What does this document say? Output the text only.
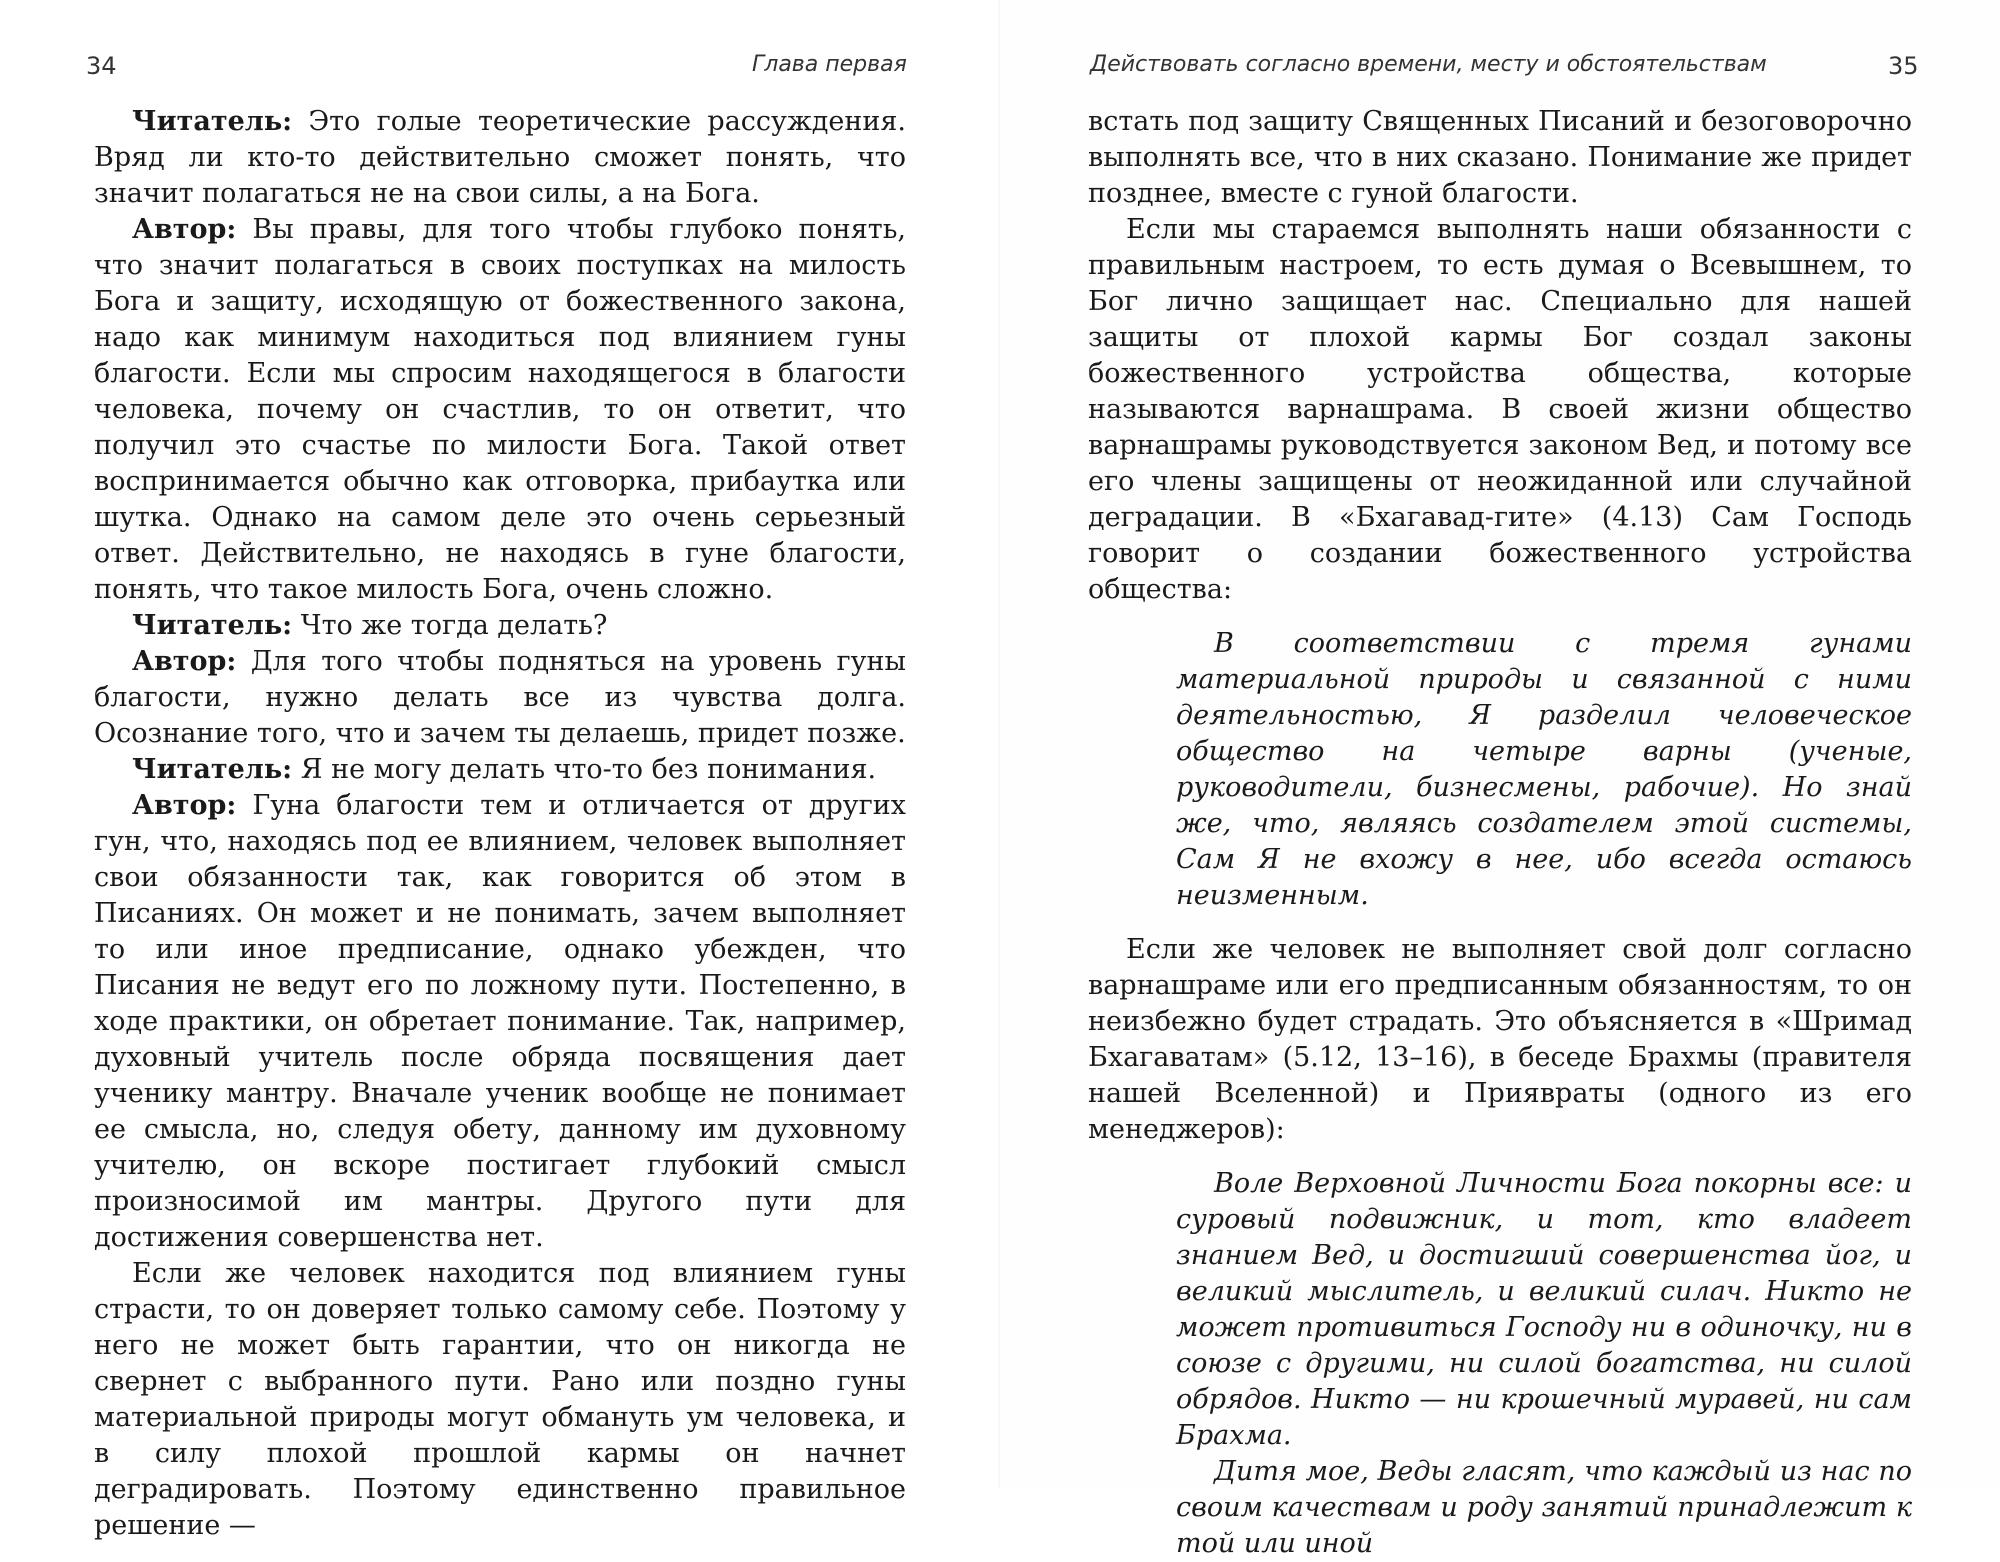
34	Глава первая

Читатель: Это голые теоретические рассуждения. Вряд ли кто-то действительно сможет понять, что значит полагаться не на свои силы, а на Бога.

Автор: Вы правы, для того чтобы глубоко понять, что значит полагаться в своих поступках на милость Бога и защиту, исходящую от божественного закона, надо как минимум находиться под влиянием гуны благости. Если мы спросим находящегося в благости человека, почему он счастлив, то он ответит, что получил это счастье по милости Бога. Такой ответ воспринимается обычно как отговорка, прибаутка или шутка. Однако на самом деле это очень серьезный ответ. Действительно, не находясь в гуне благости, понять, что такое милость Бога, очень сложно.

Читатель: Что же тогда делать?

Автор: Для того чтобы подняться на уровень гуны благости, нужно делать все из чувства долга. Осознание того, что и зачем ты делаешь, придет позже.

Читатель: Я не могу делать что-то без понимания.

Автор: Гуна благости тем и отличается от других гун, что, находясь под ее влиянием, человек выполняет свои обязанности так, как говорится об этом в Писаниях. Он может и не понимать, зачем выполняет то или иное предписание, однако убежден, что Писания не ведут его по ложному пути. Постепенно, в ходе практики, он обретает понимание. Так, например, духовный учитель после обряда посвящения дает ученику мантру. Вначале ученик вообще не понимает ее смысла, но, следуя обету, данному им духовному учителю, он вскоре постигает глубокий смысл произносимой им мантры. Другого пути для достижения совершенства нет.

Если же человек находится под влиянием гуны страсти, то он доверяет только самому себе. Поэтому у него не может быть гарантии, что он никогда не свернет с выбранного пути. Рано или поздно гуны материальной природы могут обмануть ум человека, и в силу плохой прошлой кармы он начнет деградировать. Поэтому единственно правильное решение —

Действовать согласно времени, месту и обстоятельствам	35

встать под защиту Священных Писаний и безоговорочно выполнять все, что в них сказано. Понимание же придет позднее, вместе с гуной благости.

Если мы стараемся выполнять наши обязанности с правильным настроем, то есть думая о Всевышнем, то Бог лично защищает нас. Специально для нашей защиты от плохой кармы Бог создал законы божественного устройства общества, которые называются варнашрама. В своей жизни общество варнашрамы руководствуется законом Вед, и потому все его члены защищены от неожиданной или случайной деградации. В «Бхагавад-гите» (4.13) Сам Господь говорит о создании божественного устройства общества:

В соответствии с тремя гунами материальной природы и связанной с ними деятельностью, Я разделил человеческое общество на четыре варны (ученые, руководители, бизнесмены, рабочие). Но знай же, что, являясь создателем этой системы, Сам Я не вхожу в нее, ибо всегда остаюсь неизменным.

Если же человек не выполняет свой долг согласно варнашраме или его предписанным обязанностям, то он неизбежно будет страдать. Это объясняется в «Шримад Бхагаватам» (5.12, 13–16), в беседе Брахмы (правителя нашей Вселенной) и Приявраты (одного из его менеджеров):

Воле Верховной Личности Бога покорны все: и суровый подвижник, и тот, кто владеет знанием Вед, и достигший совершенства йог, и великий мыслитель, и великий силач. Никто не может противиться Господу ни в одиночку, ни в союзе с другими, ни силой богатства, ни силой обрядов. Никто — ни крошечный муравей, ни сам Брахма.

Дитя мое, Веды гласят, что каждый из нас по своим качествам и роду занятий принадлежит к той или иной
